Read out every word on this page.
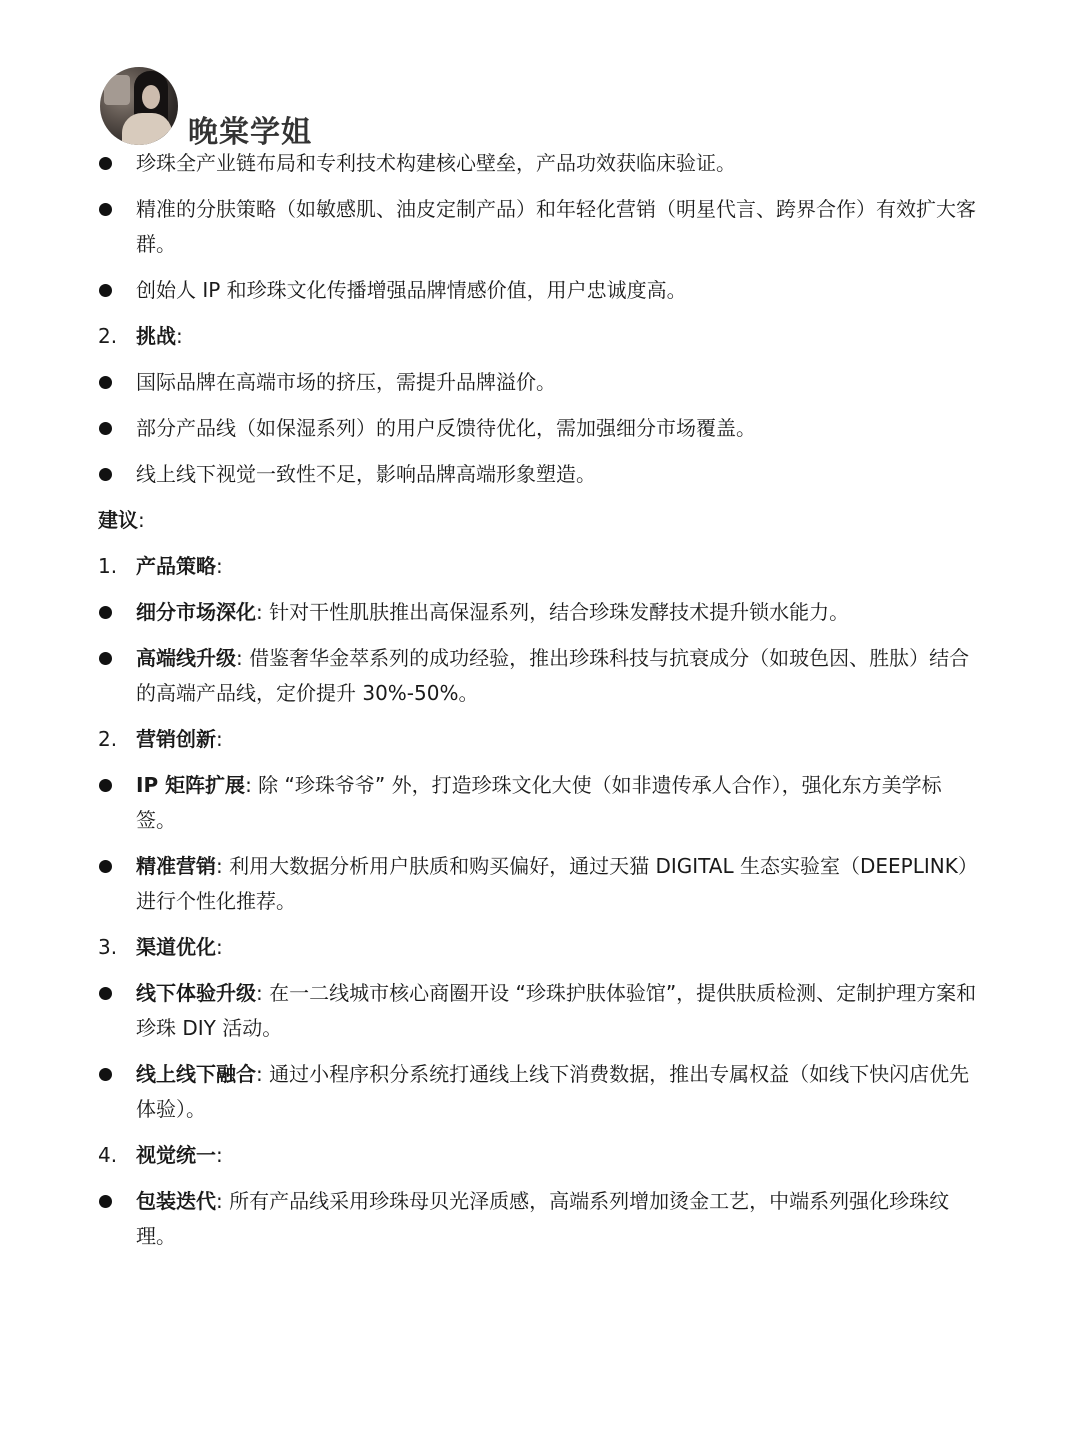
晚棠学姐
珍珠全产业链布局和专利技术构建核心壁垒，产品功效获临床验证。
精准的分肤策略（如敏感肌、油皮定制产品）和年轻化营销（明星代言、跨界合作）有效扩大客群。
创始人 IP 和珍珠文化传播增强品牌情感价值，用户忠诚度高。
2. 挑战:
国际品牌在高端市场的挤压，需提升品牌溢价。
部分产品线（如保湿系列）的用户反馈待优化，需加强细分市场覆盖。
线上线下视觉一致性不足，影响品牌高端形象塑造。
建议:
1. 产品策略:
细分市场深化: 针对干性肌肤推出高保湿系列，结合珍珠发酵技术提升锁水能力。
高端线升级: 借鉴奢华金萃系列的成功经验，推出珍珠科技与抗衰成分（如玻色因、胜肽）结合的高端产品线，定价提升 30%-50%。
2. 营销创新:
IP 矩阵扩展: 除 “珍珠爷爷” 外，打造珍珠文化大使（如非遗传承人合作），强化东方美学标签。
精准营销: 利用大数据分析用户肤质和购买偏好，通过天猫 DIGITAL 生态实验室（DEEPLINK）进行个性化推荐。
3. 渠道优化:
线下体验升级: 在一二线城市核心商圈开设 “珍珠护肤体验馆”，提供肤质检测、定制护理方案和珍珠 DIY 活动。
线上线下融合: 通过小程序积分系统打通线上线下消费数据，推出专属权益（如线下快闪店优先体验）。
4. 视觉统一:
包装迭代: 所有产品线采用珍珠母贝光泽质感，高端系列增加烫金工艺，中端系列强化珍珠纹理。
